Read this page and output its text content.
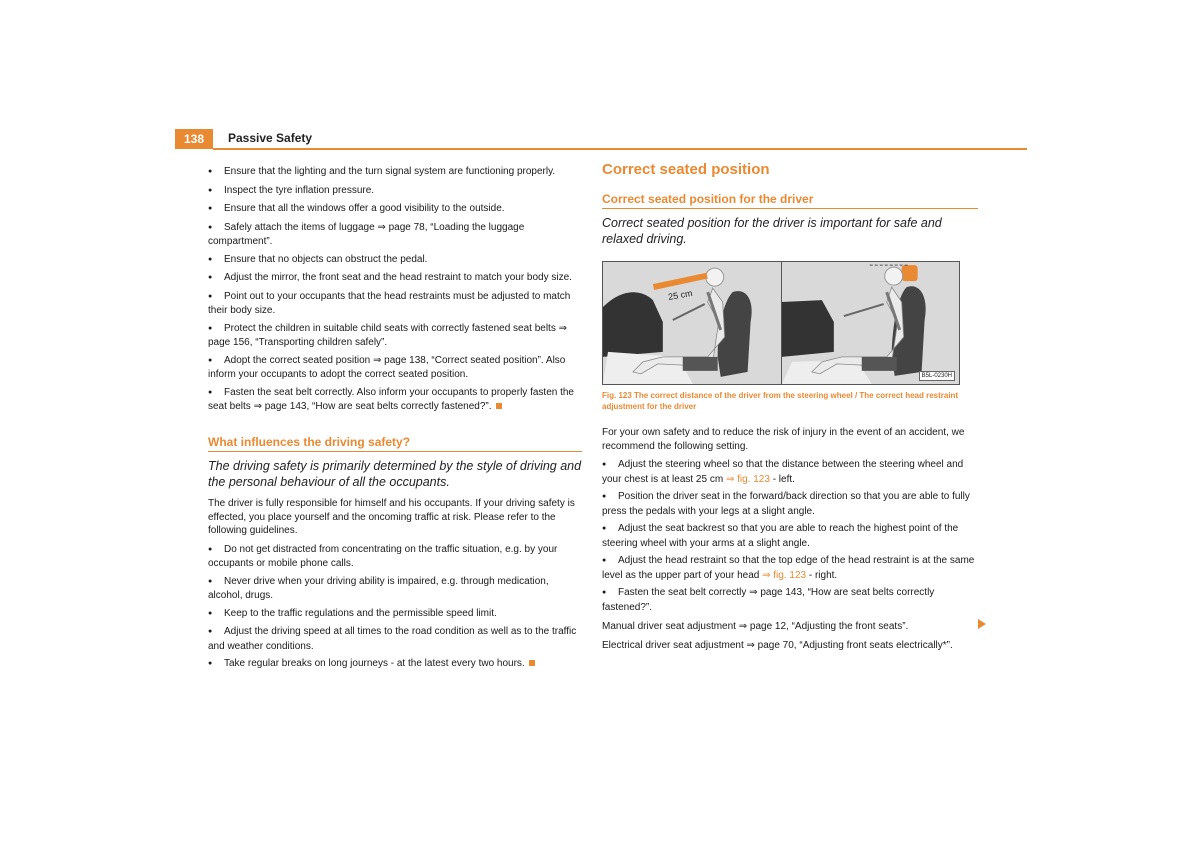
138	Passive Safety
●Ensure that the lighting and the turn signal system are functioning properly.
●Inspect the tyre inflation pressure.
●Ensure that all the windows offer a good visibility to the outside.
●Safely attach the items of luggage ⇒ page 78, “Loading the luggage compartment”.
●Ensure that no objects can obstruct the pedal.
●Adjust the mirror, the front seat and the head restraint to match your body size.
●Point out to your occupants that the head restraints must be adjusted to match their body size.
●Protect the children in suitable child seats with correctly fastened seat belts ⇒ page 156, “Transporting children safely”.
●Adopt the correct seated position ⇒ page 138, “Correct seated position”. Also inform your occupants to adopt the correct seated position.
●Fasten the seat belt correctly. Also inform your occupants to properly fasten the seat belts ⇒ page 143, “How are seat belts correctly fastened?”.
What influences the driving safety?
The driving safety is primarily determined by the style of driving and the personal behaviour of all the occupants.
The driver is fully responsible for himself and his occupants. If your driving safety is effected, you place yourself and the oncoming traffic at risk. Please refer to the following guidelines.
●Do not get distracted from concentrating on the traffic situation, e.g. by your occupants or mobile phone calls.
●Never drive when your driving ability is impaired, e.g. through medication, alcohol, drugs.
●Keep to the traffic regulations and the permissible speed limit.
●Adjust the driving speed at all times to the road condition as well as to the traffic and weather conditions.
●Take regular breaks on long journeys - at the latest every two hours.
Correct seated position
Correct seated position for the driver
Correct seated position for the driver is important for safe and relaxed driving.
25 cm
B5L-0230H
Fig. 123 The correct distance of the driver from the steering wheel / The correct head restraint adjustment for the driver
For your own safety and to reduce the risk of injury in the event of an accident, we recommend the following setting.
●Adjust the steering wheel so that the distance between the steering wheel and your chest is at least 25 cm ⇒ fig. 123 - left.
●Position the driver seat in the forward/back direction so that you are able to fully press the pedals with your legs at a slight angle.
●Adjust the seat backrest so that you are able to reach the highest point of the steering wheel with your arms at a slight angle.
●Adjust the head restraint so that the top edge of the head restraint is at the same level as the upper part of your head ⇒ fig. 123 - right.
●Fasten the seat belt correctly ⇒ page 143, “How are seat belts correctly fastened?”.
Manual driver seat adjustment ⇒ page 12, “Adjusting the front seats”.
Electrical driver seat adjustment ⇒ page 70, “Adjusting front seats electrically*”.
